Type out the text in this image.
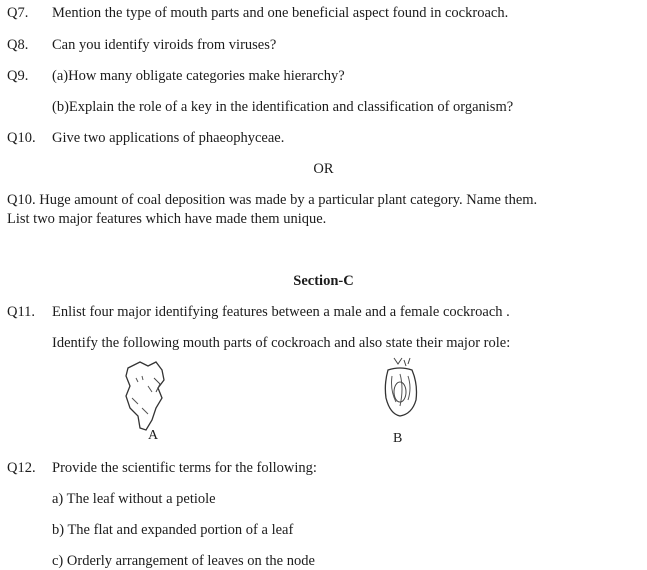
Q7. Mention the type of mouth parts and one beneficial aspect found in cockroach.
Q8. Can you identify viroids from viruses?
Q9. (a)How many obligate categories make hierarchy?
(b)Explain the role of a key in the identification and classification of organism?
Q10. Give two applications of phaeophyceae.
OR
Q10. Huge amount of coal deposition was made by a particular plant category. Name them.
List two major features which have made them unique.
Section-C
Q11. Enlist four major identifying features between a male and a female cockroach .
Identify the following mouth parts of cockroach and also state their major role:
A	B
Q12. Provide the scientific terms for the following:
a) The leaf without a petiole
b) The flat and expanded portion of a leaf
c) Orderly arrangement of leaves on the node
